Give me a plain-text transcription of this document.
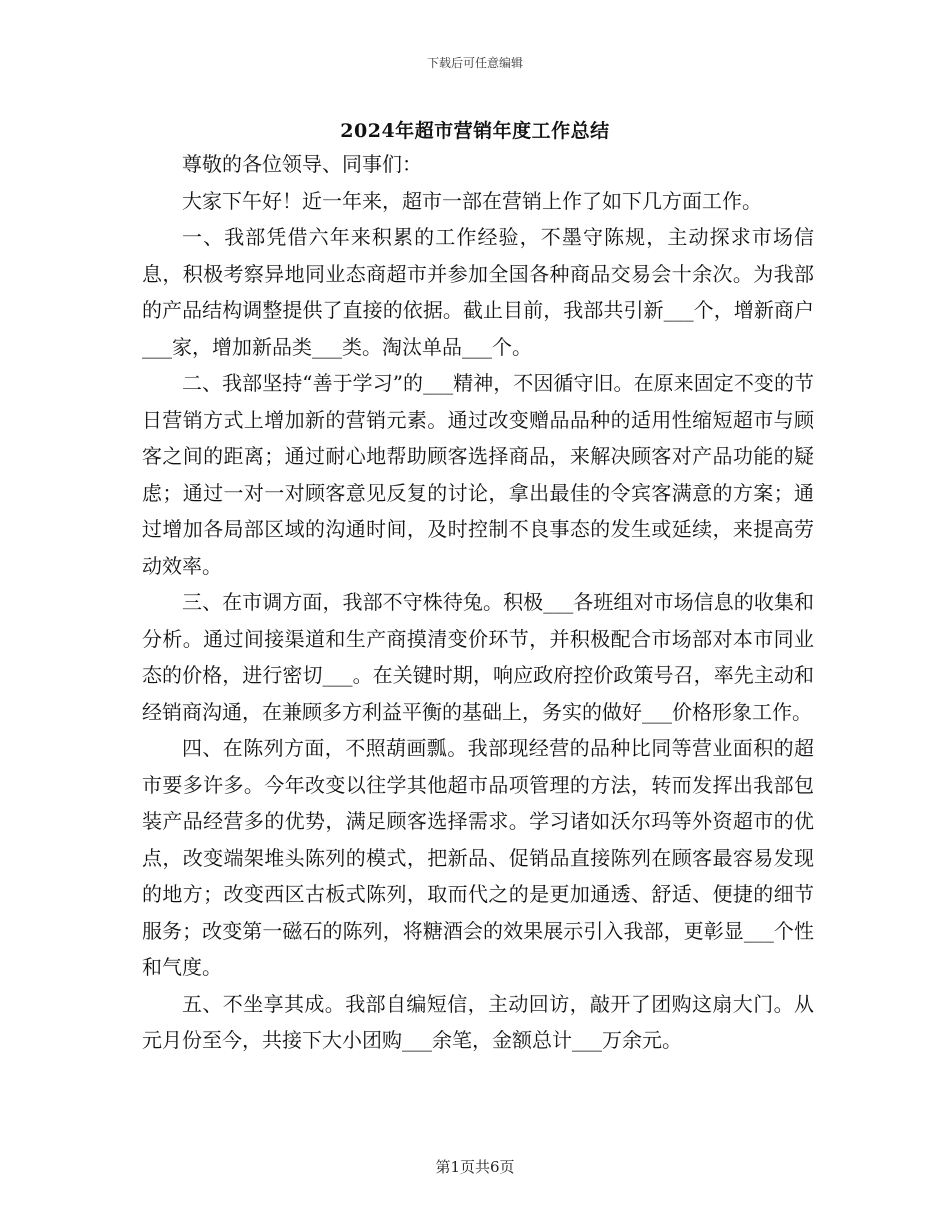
下载后可任意编辑
2024年超市营销年度工作总结

尊敬的各位领导、同事们：

大家下午好！近一年来，超市一部在营销上作了如下几方面工作。

一、我部凭借六年来积累的工作经验，不墨守陈规，主动探求市场信息，积极考察异地同业态商超市并参加全国各种商品交易会十余次。为我部的产品结构调整提供了直接的依据。截止目前，我部共引新___个，增新商户___家，增加新品类___类。淘汰单品___个。

二、我部坚持“善于学习”的___精神，不因循守旧。在原来固定不变的节日营销方式上增加新的营销元素。通过改变赠品品种的适用性缩短超市与顾客之间的距离；通过耐心地帮助顾客选择商品，来解决顾客对产品功能的疑虑；通过一对一对顾客意见反复的讨论，拿出最佳的令宾客满意的方案；通过增加各局部区域的沟通时间，及时控制不良事态的发生或延续，来提高劳动效率。

三、在市调方面，我部不守株待兔。积极___各班组对市场信息的收集和分析。通过间接渠道和生产商摸清变价环节，并积极配合市场部对本市同业态的价格，进行密切___。在关键时期，响应政府控价政策号召，率先主动和经销商沟通，在兼顾多方利益平衡的基础上，务实的做好___价格形象工作。

四、在陈列方面，不照葫画瓢。我部现经营的品种比同等营业面积的超市要多许多。今年改变以往学其他超市品项管理的方法，转而发挥出我部包装产品经营多的优势，满足顾客选择需求。学习诸如沃尔玛等外资超市的优点，改变端架堆头陈列的模式，把新品、促销品直接陈列在顾客最容易发现的地方；改变西区古板式陈列，取而代之的是更加通透、舒适、便捷的细节服务；改变第一磁石的陈列，将糖酒会的效果展示引入我部，更彰显___个性和气度。

五、不坐享其成。我部自编短信，主动回访，敲开了团购这扇大门。从元月份至今，共接下大小团购___余笔，金额总计___万余元。

第1页共6页
